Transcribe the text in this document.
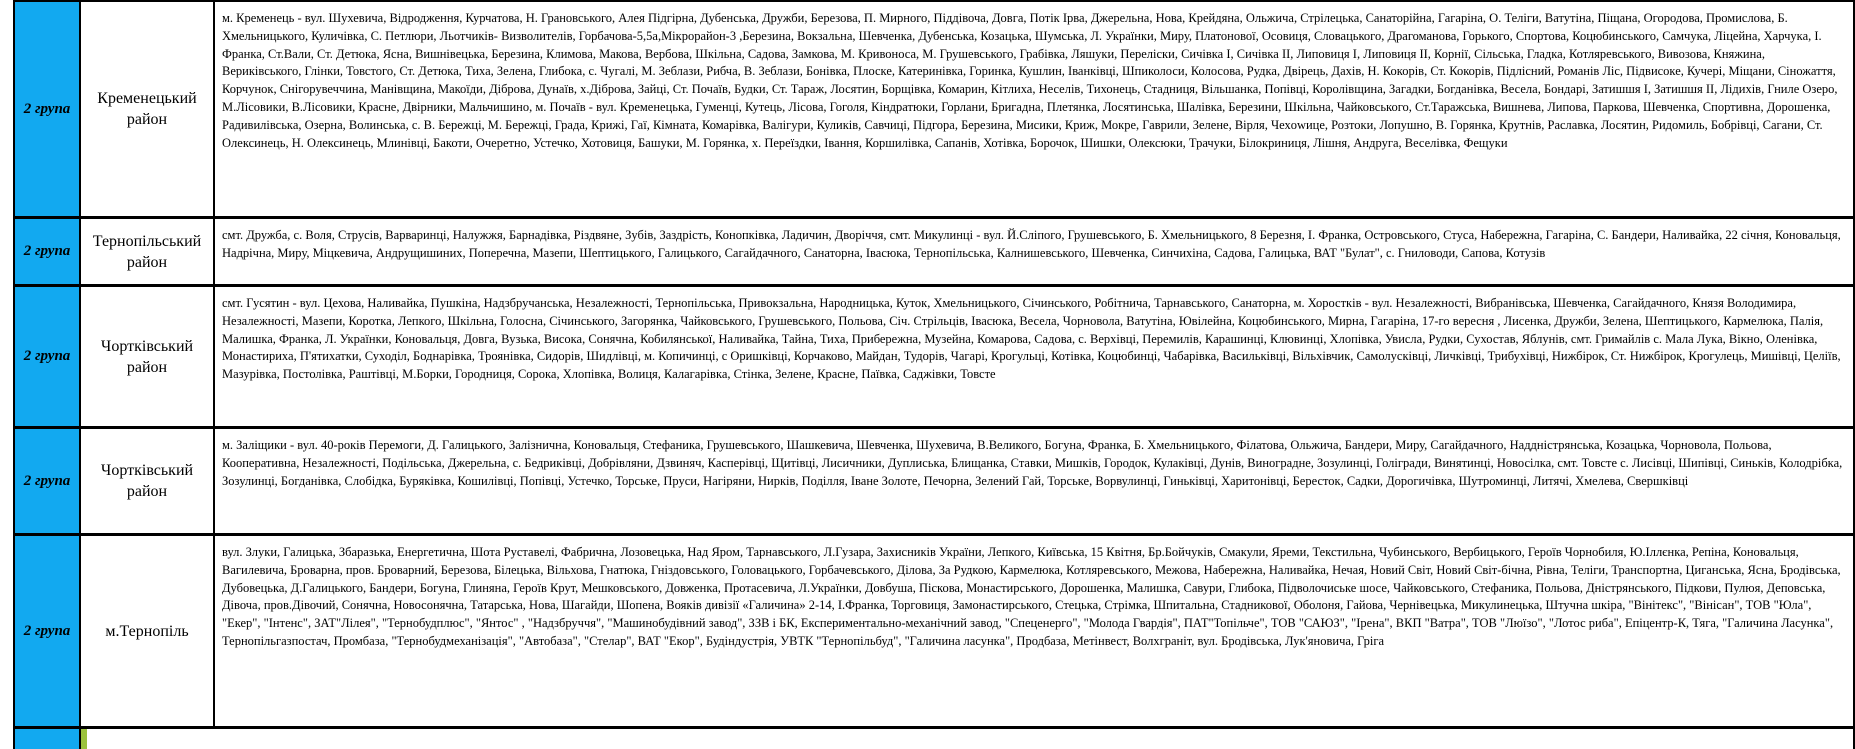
2 група
Кременецький район
м. Кременець - вул. Шухевича, Відродження, Курчатова, Н. Грановського, Алея Підгірна, Дубенська, Дружби, Березова, П. Мирного, Піддівоча, Довга, Потік Ірва, Джерельна, Нова, Крейдяна, Ольжича, Стрілецька, Санаторійна, Гагаріна, О. Теліги, Ватутіна, Піщана, Огородова, Промислова, Б. Хмельницького, Куличівка, С. Петлюри, Льотчиків- Визволителів, Горбачова-5,5а,Мікрорайон-3 ,Березина, Вокзальна, Шевченка, Дубенська, Козацька, Шумська, Л. Українки, Миру, Платонової, Осовиця, Словацького, Драгоманова, Горького, Спортова, Коцюбинського, Самчука, Ліцейна, Харчука, І. Франка, Ст.Вали, Ст. Детюка, Ясна, Вишнівецька, Березина, Климова, Макова, Вербова, Шкільна, Садова, Замкова, М. Кривоноса, М. Грушевського, Грабівка, Ляшуки, Переліски, Сичівка І, Сичівка ІІ, Липовиця І, Липовиця ІІ, Корнії, Сільська, Гладка, Котляревського, Вивозова, Княжина, Вериківського, Глінки, Товстого, Ст. Детюка, Тиха, Зелена, Глибока, с. Чугалі, М. Зеблази, Рибча, В. Зеблази, Бонівка, Плоске, Катеринівка, Горинка, Кушлин, Іванківці, Шпиколоси, Колосова, Рудка, Двірець, Дахів, Н. Кокорів, Ст. Кокорів, Підлісний, Романів Ліс, Підвисоке, Кучері, Міщани, Сіножаття, Корчунок, Снігорувеччина, Манівщина, Макоїди, Діброва, Дунаїв, х.Діброва, Зайці, Ст. Почаїв, Будки, Ст. Тараж, Лосятин, Борщівка, Комарин, Кітлиха, Неселів, Тихонець, Стадниця, Вільшанка, Попівці, Королівщина, Загадки, Богданівка, Весела, Бондарі, Затишшя І, Затишшя ІІ, Лідихів, Гниле Озеро, М.Лісовики, В.Лісовики, Красне, Двірники, Мальчишино, м. Почаїв - вул. Кременецька, Гуменці, Кутець, Лісова, Гоголя, Кіндратюки, Горлани, Бригадна, Плетянка, Лосятинська, Шалівка, Березини, Шкільна, Чайковського, Ст.Таражська, Вишнева, Липова, Паркова, Шевченка, Спортивна, Дорошенка, Радивилівська, Озерна, Волинська, с. В. Бережці, М. Бережці, Града, Крижі, Гаї, Кімната, Комарівка, Валігури, Куликів, Савчиці, Підгора, Березина, Мисики, Криж, Мокре, Гаврили, Зелене, Вірля, Чехowице, Розтоки, Лопушно, В. Горянка, Крутнів, Раславка, Лосятин, Ридомиль, Бобрівці, Сагани, Ст. Олексинець, Н. Олексинець, Млинівці, Бакоти, Очеретно, Устечко, Хотовиця, Башуки, М. Горянка, х. Переїздки, Івання, Коршилівка, Сапанів, Хотівка, Борочок, Шишки, Олексюки, Трачуки, Білокриниця, Лішня, Андруга, Веселівка, Фещуки
2 група
Тернопільський район
смт. Дружба, с. Воля, Струсів, Варваринці, Налужжя, Барнадівка, Різдвяне, Зубів, Заздрість, Конопківка, Ладичин, Дворіччя, смт. Микулинці - вул. Й.Сліпого, Грушевського, Б. Хмельницького, 8 Березня, І. Франка, Островського, Стуса, Набережна, Гагаріна, С. Бандери, Наливайка, 22 січня, Коновальця, Надрічна, Миру, Міцкевича, Андрущишиних, Поперечна, Мазепи, Шептицького, Галицького, Сагайдачного, Санаторна, Івасюка, Тернопільська, Калнишевського, Шевченка, Синчихіна, Садова, Галицька, ВАТ "Булат", с. Гниловоди, Сапова, Котузів
2 група
Чортківський район
смт. Гусятин - вул. Цехова, Наливайка, Пушкіна, Надзбручанська, Незалежності, Тернопільська, Привокзальна, Народницька, Куток, Хмельницького, Січинського, Робітнича, Тарнавського, Санаторна, м. Хоростків - вул. Незалежності, Вибранівська, Шевченка, Сагайдачного, Князя Володимира, Незалежності, Мазепи, Коротка, Лепкого, Шкільна, Голосна, Січинського, Загорянка, Чайковського, Грушевського, Польова, Січ. Стрільців, Івасюка, Весела, Чорновола, Ватутіна, Ювілейна, Коцюбинського, Мирна, Гагаріна, 17-го вересня , Лисенка, Дружби, Зелена, Шептицького, Кармелюка, Палія, Малишка, Франка, Л. Українки, Коновальця, Довга, Вузька, Висока, Сонячна, Кобилянської, Наливайка, Тайна, Тиха, Прибережна, Музейна, Комарова, Садова, с. Верхівці, Перемилів, Карашинці, Клювинці, Хлопівка, Увисла, Рудки, Сухостав, Яблунів, смт. Гримайлів с. Мала Лука, Вікно, Оленівка, Монастириха, П'ятихатки, Суходіл, Боднарівка, Троянівка, Сидорів, Шидлівці, м. Копичинці, с Оришківці, Корчаково, Майдан, Тудорів, Чагарі, Крогульці, Котівка, Коцюбинці, Чабарівка, Васильківці, Вільхівчик, Самолусківці, Личківці, Трибухівці, Нижбірок, Ст. Нижбірок, Крогулець, Мишівці, Целіїв, Мазурівка, Постолівка, Раштівці, М.Борки, Городниця, Сорока, Хлопівка, Волиця, Калагарівка, Стінка, Зелене, Красне, Паївка, Саджівки, Товсте
2 група
Чортківський район
м. Заліщики - вул. 40-років Перемоги, Д. Галицького, Залізнична, Коновальця, Стефаника, Грушевського, Шашкевича, Шевченка, Шухевича, В.Великого, Богуна, Франка, Б. Хмельницького, Філатова, Ольжича, Бандери, Миру, Сагайдачного, Наддністрянська, Козацька, Чорновола, Польова, Кооперативна, Незалежності, Подільська, Джерельна, с. Бедриківці, Добрівляни, Дзвиняч, Касперівці, Щитівці, Лисичники, Дуплиська, Блищанка, Ставки, Мишків, Городок, Кулаківці, Дунів, Виноградне, Зозулинці, Голігради, Винятинці, Новосілка, смт. Товсте с. Лисівці, Шипівці, Синьків, Колодрібка, Зозулинці, Богданівка, Слобідка, Буряківка, Кошилівці, Попівці, Устечко, Торське, Пруси, Нагіряни, Нирків, Поділля, Іване Золоте, Печорна, Зелений Гай, Торське, Ворвулинці, Гиньківці, Харитонівці, Бересток, Садки, Дорогичівка, Шутроминці, Литячі, Хмелева, Свершківці
2 група	м.Тернопіль
вул. Злуки, Галицька, Збаразька, Енергетична, Шота Руставелі, Фабрична, Лозовецька, Над Яром, Тарнавського, Л.Гузара, Захисників України, Лепкого, Київська, 15 Квітня, Бр.Бойчуків, Смакули, Яреми, Текстильна, Чубинського, Вербицького, Героїв Чорнобиля, Ю.Іллєнка, Репіна, Коновальця, Вагилевича, Броварна, пров. Броварний, Березова, Білецька, Вільхова, Гнатюка, Гніздовського, Головацького, Горбачевського, Ділова, За Рудкою, Кармелюка, Котляревського, Межова, Набережна, Наливайка, Нечая, Новий Світ, Новий Світ-бічна, Рівна, Теліги, Транспортна, Циганська, Ясна, Бродівська, Дубовецька, Д.Галицького, Бандери, Богуна, Глиняна, Героїв Крут, Мешковського, Довженка, Протасевича, Л.Українки, Довбуша, Піскова, Монастирського, Дорошенка, Малишка, Савури, Глибока, Підволочиське шосе, Чайковського, Стефаника, Польова, Дністрянського, Підкови, Пулюя, Деповська, Дівоча, пров.Дівочий, Сонячна, Новосонячна, Татарська, Нова, Шагайди, Шопена, Вояків дивізії «Галичина» 2-14, І.Франка, Торговиця, Замонастирського, Стецька, Стрімка, Шпитальна, Стадникової, Оболоня, Гайова, Чернівецька, Микулинецька, Штучна шкіра, "Вінітекс", "Вінісан", ТОВ "Юла", "Екер", "Інтенс", ЗАТ"Лілея", "Тернобудплюс", "Янтос" , "Надзбруччя", "Машинобудівний завод", ЗЗВ і БК, Експериментально-механічний завод, "Спеценерго", "Молода Гвардія", ПАТ"Топільче", ТОВ "САЮЗ", "Ірена", ВКП "Ватра", ТОВ "Люїзо", "Лотос риба", Епіцентр-К, Тяга, "Галичина Ласунка", Тернопільгазпостач, Промбаза, "Тернобудмеханізація", "Автобаза", "Стелар", ВАТ "Екор", Будіндустрія, УВТК "Тернопільбуд", "Галичина ласунка", Продбаза, Метінвест, Волхграніт, вул. Бродівська, Лук'яновича, Гріга
